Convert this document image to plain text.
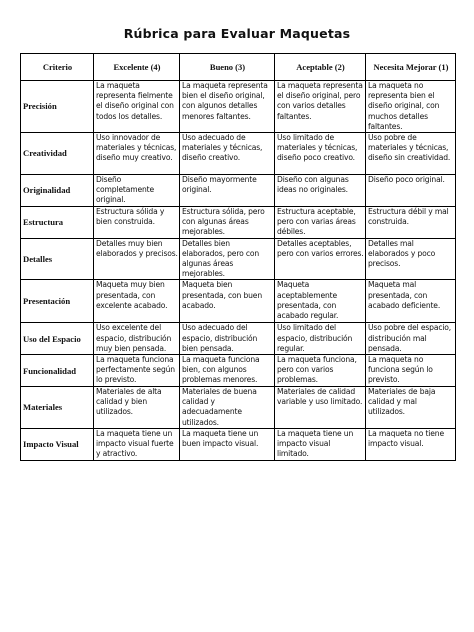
Rúbrica para Evaluar Maquetas
Criterio	Excelente (4)	Bueno (3)	Aceptable (2)	Necesita Mejorar (1)
Precisión	La maqueta representa fielmente el diseño original con todos los detalles.	La maqueta representa bien el diseño original, con algunos detalles menores faltantes.	La maqueta representa el diseño original, pero con varios detalles faltantes.	La maqueta no representa bien el diseño original, con muchos detalles faltantes.
Creatividad	Uso innovador de materiales y técnicas, diseño muy creativo.	Uso adecuado de materiales y técnicas, diseño creativo.	Uso limitado de materiales y técnicas, diseño poco creativo.	Uso pobre de materiales y técnicas, diseño sin creatividad.
Originalidad	Diseño completamente original.	Diseño mayormente original.	Diseño con algunas ideas no originales.	Diseño poco original.
Estructura	Estructura sólida y bien construida.	Estructura sólida, pero con algunas áreas mejorables.	Estructura aceptable, pero con varias áreas débiles.	Estructura débil y mal construida.
Detalles	Detalles muy bien elaborados y precisos.	Detalles bien elaborados, pero con algunas áreas mejorables.	Detalles aceptables, pero con varios errores.	Detalles mal elaborados y poco precisos.
Presentación	Maqueta muy bien presentada, con excelente acabado.	Maqueta bien presentada, con buen acabado.	Maqueta aceptablemente presentada, con acabado regular.	Maqueta mal presentada, con acabado deficiente.
Uso del Espacio	Uso excelente del espacio, distribución muy bien pensada.	Uso adecuado del espacio, distribución bien pensada.	Uso limitado del espacio, distribución regular.	Uso pobre del espacio, distribución mal pensada.
Funcionalidad	La maqueta funciona perfectamente según lo previsto.	La maqueta funciona bien, con algunos problemas menores.	La maqueta funciona, pero con varios problemas.	La maqueta no funciona según lo previsto.
Materiales	Materiales de alta calidad y bien utilizados.	Materiales de buena calidad y adecuadamente utilizados.	Materiales de calidad variable y uso limitado.	Materiales de baja calidad y mal utilizados.
Impacto Visual	La maqueta tiene un impacto visual fuerte y atractivo.	La maqueta tiene un buen impacto visual.	La maqueta tiene un impacto visual limitado.	La maqueta no tiene impacto visual.
